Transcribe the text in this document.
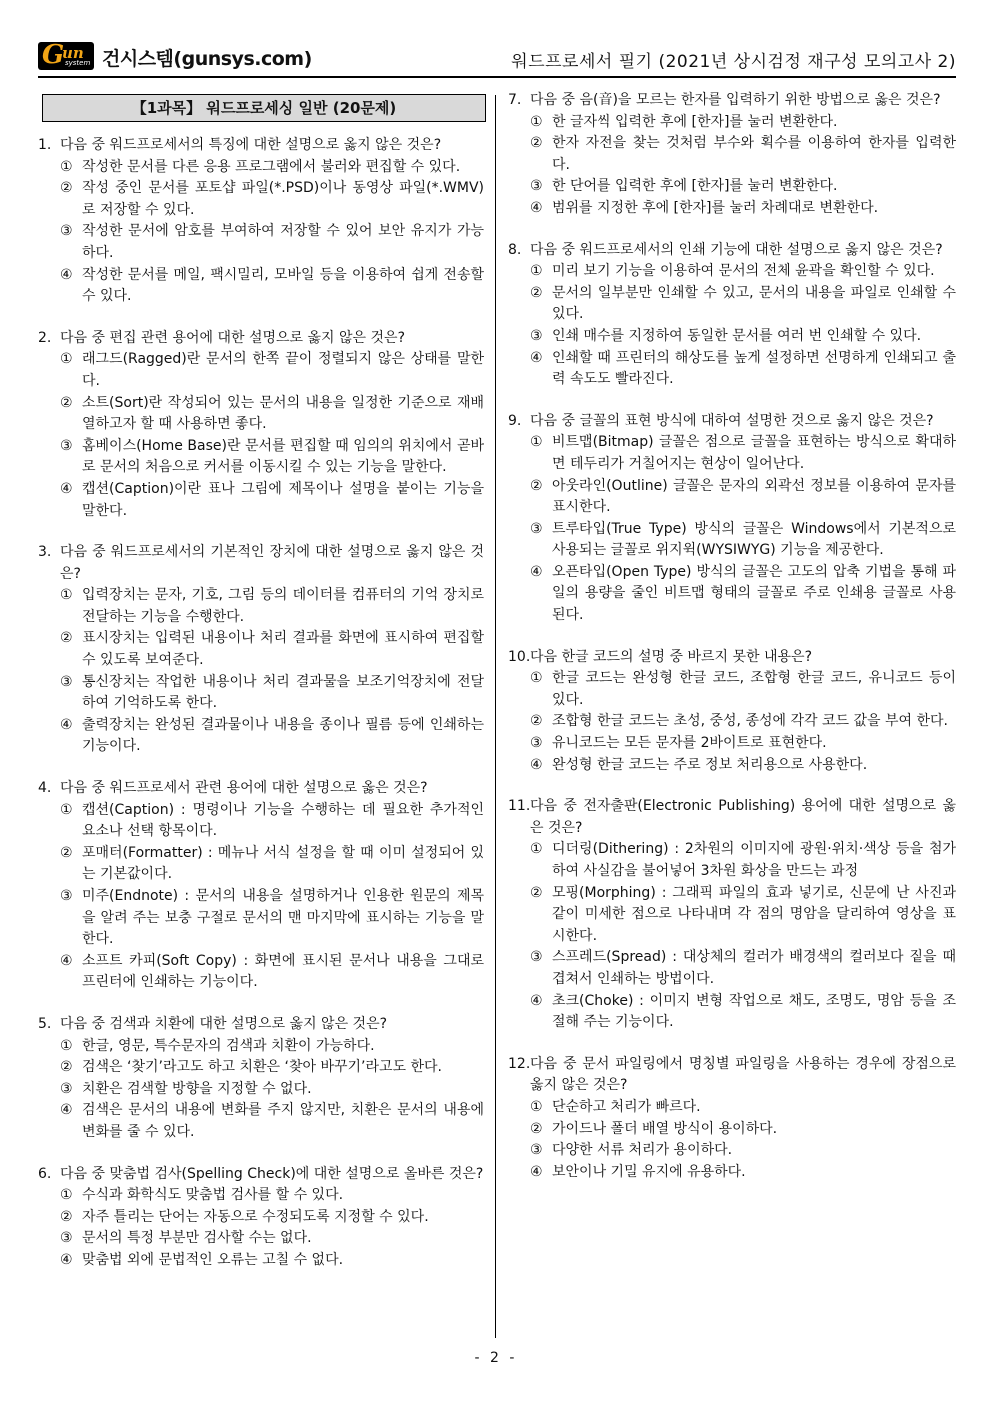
G
un
system 건시스템(gunsys.com)	워드프로세서 필기 (2021년 상시검정 재구성 모의고사 2)
【1과목】 워드프로세싱 일반 (20문제)
1. 다음 중 워드프로세서의 특징에 대한 설명으로 옳지 않은 것은?
① 작성한 문서를 다른 응용 프로그램에서 불러와 편집할 수 있다.
② 작성 중인 문서를 포토샵 파일(*.PSD)이나 동영상 파일(*.WMV)로 저장할 수 있다.
③ 작성한 문서에 암호를 부여하여 저장할 수 있어 보안 유지가 가능하다.
④ 작성한 문서를 메일, 팩시밀리, 모바일 등을 이용하여 쉽게 전송할 수 있다.
2. 다음 중 편집 관련 용어에 대한 설명으로 옳지 않은 것은?
① 래그드(Ragged)란 문서의 한쪽 끝이 정렬되지 않은 상태를 말한다.
② 소트(Sort)란 작성되어 있는 문서의 내용을 일정한 기준으로 재배열하고자 할 때 사용하면 좋다.
③ 홈베이스(Home Base)란 문서를 편집할 때 임의의 위치에서 곧바로 문서의 처음으로 커서를 이동시킬 수 있는 기능을 말한다.
④ 캡션(Caption)이란 표나 그림에 제목이나 설명을 붙이는 기능을 말한다.
3. 다음 중 워드프로세서의 기본적인 장치에 대한 설명으로 옳지 않은 것은?
① 입력장치는 문자, 기호, 그림 등의 데이터를 컴퓨터의 기억 장치로 전달하는 기능을 수행한다.
② 표시장치는 입력된 내용이나 처리 결과를 화면에 표시하여 편집할 수 있도록 보여준다.
③ 통신장치는 작업한 내용이나 처리 결과물을 보조기억장치에 전달하여 기억하도록 한다.
④ 출력장치는 완성된 결과물이나 내용을 종이나 필름 등에 인쇄하는 기능이다.
4. 다음 중 워드프로세서 관련 용어에 대한 설명으로 옳은 것은?
① 캡션(Caption) : 명령이나 기능을 수행하는 데 필요한 추가적인 요소나 선택 항목이다.
② 포매터(Formatter) : 메뉴나 서식 설정을 할 때 이미 설정되어 있는 기본값이다.
③ 미주(Endnote) : 문서의 내용을 설명하거나 인용한 원문의 제목을 알려 주는 보충 구절로 문서의 맨 마지막에 표시하는 기능을 말한다.
④ 소프트 카피(Soft Copy) : 화면에 표시된 문서나 내용을 그대로 프린터에 인쇄하는 기능이다.
5. 다음 중 검색과 치환에 대한 설명으로 옳지 않은 것은?
① 한글, 영문, 특수문자의 검색과 치환이 가능하다.
② 검색은 ‘찾기’라고도 하고 치환은 ‘찾아 바꾸기’라고도 한다.
③ 치환은 검색할 방향을 지정할 수 없다.
④ 검색은 문서의 내용에 변화를 주지 않지만, 치환은 문서의 내용에 변화를 줄 수 있다.
6. 다음 중 맞춤법 검사(Spelling Check)에 대한 설명으로 올바른 것은?
① 수식과 화학식도 맞춤법 검사를 할 수 있다.
② 자주 틀리는 단어는 자동으로 수정되도록 지정할 수 있다.
③ 문서의 특정 부분만 검사할 수는 없다.
④ 맞춤법 외에 문법적인 오류는 고칠 수 없다.
7. 다음 중 음(音)을 모르는 한자를 입력하기 위한 방법으로 옳은 것은?
① 한 글자씩 입력한 후에 [한자]를 눌러 변환한다.
② 한자 자전을 찾는 것처럼 부수와 획수를 이용하여 한자를 입력한다.
③ 한 단어를 입력한 후에 [한자]를 눌러 변환한다.
④ 범위를 지정한 후에 [한자]를 눌러 차례대로 변환한다.
8. 다음 중 워드프로세서의 인쇄 기능에 대한 설명으로 옳지 않은 것은?
① 미리 보기 기능을 이용하여 문서의 전체 윤곽을 확인할 수 있다.
② 문서의 일부분만 인쇄할 수 있고, 문서의 내용을 파일로 인쇄할 수 있다.
③ 인쇄 매수를 지정하여 동일한 문서를 여러 번 인쇄할 수 있다.
④ 인쇄할 때 프린터의 해상도를 높게 설정하면 선명하게 인쇄되고 출력 속도도 빨라진다.
9. 다음 중 글꼴의 표현 방식에 대하여 설명한 것으로 옳지 않은 것은?
① 비트맵(Bitmap) 글꼴은 점으로 글꼴을 표현하는 방식으로 확대하면 테두리가 거칠어지는 현상이 일어난다.
② 아웃라인(Outline) 글꼴은 문자의 외곽선 정보를 이용하여 문자를 표시한다.
③ 트루타입(True Type) 방식의 글꼴은 Windows에서 기본적으로 사용되는 글꼴로 위지윅(WYSIWYG) 기능을 제공한다.
④ 오픈타입(Open Type) 방식의 글꼴은 고도의 압축 기법을 통해 파일의 용량을 줄인 비트맵 형태의 글꼴로 주로 인쇄용 글꼴로 사용된다.
10.다음 한글 코드의 설명 중 바르지 못한 내용은?
① 한글 코드는 완성형 한글 코드, 조합형 한글 코드, 유니코드 등이 있다.
② 조합형 한글 코드는 초성, 중성, 종성에 각각 코드 값을 부여 한다.
③ 유니코드는 모든 문자를 2바이트로 표현한다.
④ 완성형 한글 코드는 주로 정보 처리용으로 사용한다.
11.다음 중 전자출판(Electronic Publishing) 용어에 대한 설명으로 옳은 것은?
① 디더링(Dithering) : 2차원의 이미지에 광원·위치·색상 등을 첨가하여 사실감을 불어넣어 3차원 화상을 만드는 과정
② 모핑(Morphing) : 그래픽 파일의 효과 넣기로, 신문에 난 사진과 같이 미세한 점으로 나타내며 각 점의 명암을 달리하여 영상을 표시한다.
③ 스프레드(Spread) : 대상체의 컬러가 배경색의 컬러보다 짙을 때 겹쳐서 인쇄하는 방법이다.
④ 초크(Choke) : 이미지 변형 작업으로 채도, 조명도, 명암 등을 조절해 주는 기능이다.
12.다음 중 문서 파일링에서 명칭별 파일링을 사용하는 경우에 장점으로 옳지 않은 것은?
① 단순하고 처리가 빠르다.
② 가이드나 폴더 배열 방식이 용이하다.
③ 다양한 서류 처리가 용이하다.
④ 보안이나 기밀 유지에 유용하다.
- 2 -
